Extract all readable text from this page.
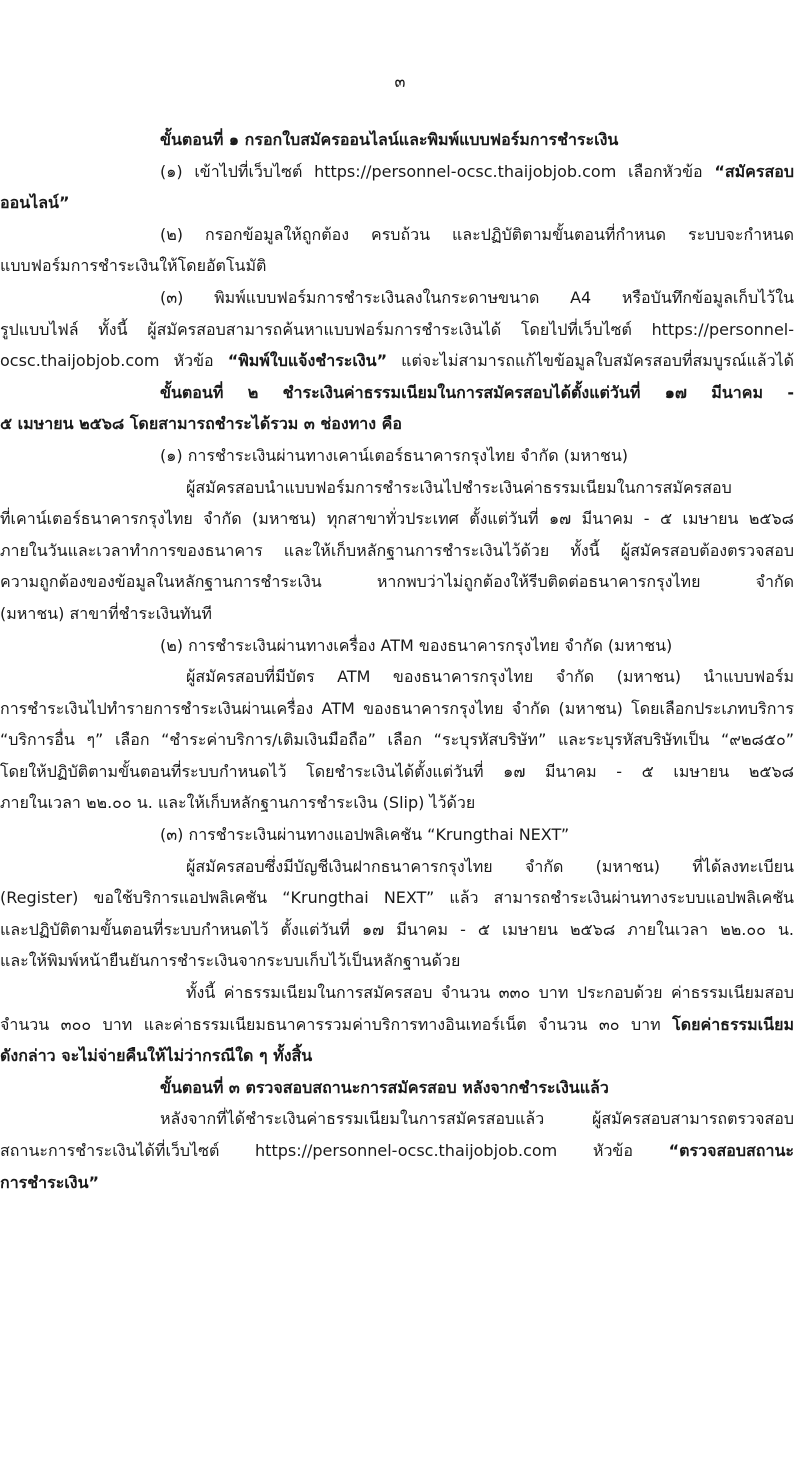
๓

ขั้นตอนที่ ๑ กรอกใบสมัครออนไลน์และพิมพ์แบบฟอร์มการชำระเงิน

(๑) เข้าไปที่เว็บไซต์ https://personnel-ocsc.thaijobjob.com เลือกหัวข้อ “สมัครสอบ

ออนไลน์”

(๒) กรอกข้อมูลให้ถูกต้อง ครบถ้วน และปฏิบัติตามขั้นตอนที่กำหนด ระบบจะกำหนด

แบบฟอร์มการชำระเงินให้โดยอัตโนมัติ

(๓) พิมพ์แบบฟอร์มการชำระเงินลงในกระดาษขนาด A4 หรือบันทึกข้อมูลเก็บไว้ใน

รูปแบบไฟล์ ทั้งนี้ ผู้สมัครสอบสามารถค้นหาแบบฟอร์มการชำระเงินได้ โดยไปที่เว็บไซต์ https://personnel-

ocsc.thaijobjob.com หัวข้อ “พิมพ์ใบแจ้งชำระเงิน” แต่จะไม่สามารถแก้ไขข้อมูลใบสมัครสอบที่สมบูรณ์แล้วได้

ขั้นตอนที่ ๒ ชำระเงินค่าธรรมเนียมในการสมัครสอบได้ตั้งแต่วันที่ ๑๗ มีนาคม -

๕ เมษายน ๒๕๖๘ โดยสามารถชำระได้รวม ๓ ช่องทาง คือ

(๑) การชำระเงินผ่านทางเคาน์เตอร์ธนาคารกรุงไทย จำกัด (มหาชน)

ผู้สมัครสอบนำแบบฟอร์มการชำระเงินไปชำระเงินค่าธรรมเนียมในการสมัครสอบ

ที่เคาน์เตอร์ธนาคารกรุงไทย จำกัด (มหาชน) ทุกสาขาทั่วประเทศ ตั้งแต่วันที่ ๑๗ มีนาคม - ๕ เมษายน ๒๕๖๘

ภายในวันและเวลาทำการของธนาคาร และให้เก็บหลักฐานการชำระเงินไว้ด้วย ทั้งนี้ ผู้สมัครสอบต้องตรวจสอบ

ความถูกต้องของข้อมูลในหลักฐานการชำระเงิน หากพบว่าไม่ถูกต้องให้รีบติดต่อธนาคารกรุงไทย จำกัด

(มหาชน) สาขาที่ชำระเงินทันที

(๒) การชำระเงินผ่านทางเครื่อง ATM ของธนาคารกรุงไทย จำกัด (มหาชน)

ผู้สมัครสอบที่มีบัตร ATM ของธนาคารกรุงไทย จำกัด (มหาชน) นำแบบฟอร์ม

การชำระเงินไปทำรายการชำระเงินผ่านเครื่อง ATM ของธนาคารกรุงไทย จำกัด (มหาชน) โดยเลือกประเภทบริการ

“บริการอื่น ๆ” เลือก “ชำระค่าบริการ/เติมเงินมือถือ” เลือก “ระบุรหัสบริษัท” และระบุรหัสบริษัทเป็น “๙๒๘๕๐”

โดยให้ปฏิบัติตามขั้นตอนที่ระบบกำหนดไว้ โดยชำระเงินได้ตั้งแต่วันที่ ๑๗ มีนาคม - ๕ เมษายน ๒๕๖๘

ภายในเวลา ๒๒.๐๐ น. และให้เก็บหลักฐานการชำระเงิน (Slip) ไว้ด้วย

(๓) การชำระเงินผ่านทางแอปพลิเคชัน “Krungthai NEXT”

ผู้สมัครสอบซึ่งมีบัญชีเงินฝากธนาคารกรุงไทย จำกัด (มหาชน) ที่ได้ลงทะเบียน

(Register) ขอใช้บริการแอปพลิเคชัน “Krungthai NEXT” แล้ว สามารถชำระเงินผ่านทางระบบแอปพลิเคชัน

และปฏิบัติตามขั้นตอนที่ระบบกำหนดไว้ ตั้งแต่วันที่ ๑๗ มีนาคม - ๕ เมษายน ๒๕๖๘ ภายในเวลา ๒๒.๐๐ น.

และให้พิมพ์หน้ายืนยันการชำระเงินจากระบบเก็บไว้เป็นหลักฐานด้วย

ทั้งนี้ ค่าธรรมเนียมในการสมัครสอบ จำนวน ๓๓๐ บาท ประกอบด้วย ค่าธรรมเนียมสอบ

จำนวน ๓๐๐ บาท และค่าธรรมเนียมธนาคารรวมค่าบริการทางอินเทอร์เน็ต จำนวน ๓๐ บาท โดยค่าธรรมเนียม

ดังกล่าว จะไม่จ่ายคืนให้ไม่ว่ากรณีใด ๆ ทั้งสิ้น

ขั้นตอนที่ ๓ ตรวจสอบสถานะการสมัครสอบ หลังจากชำระเงินแล้ว

หลังจากที่ได้ชำระเงินค่าธรรมเนียมในการสมัครสอบแล้ว ผู้สมัครสอบสามารถตรวจสอบ

สถานะการชำระเงินได้ที่เว็บไซต์ https://personnel-ocsc.thaijobjob.com หัวข้อ “ตรวจสอบสถานะ

การชำระเงิน”
